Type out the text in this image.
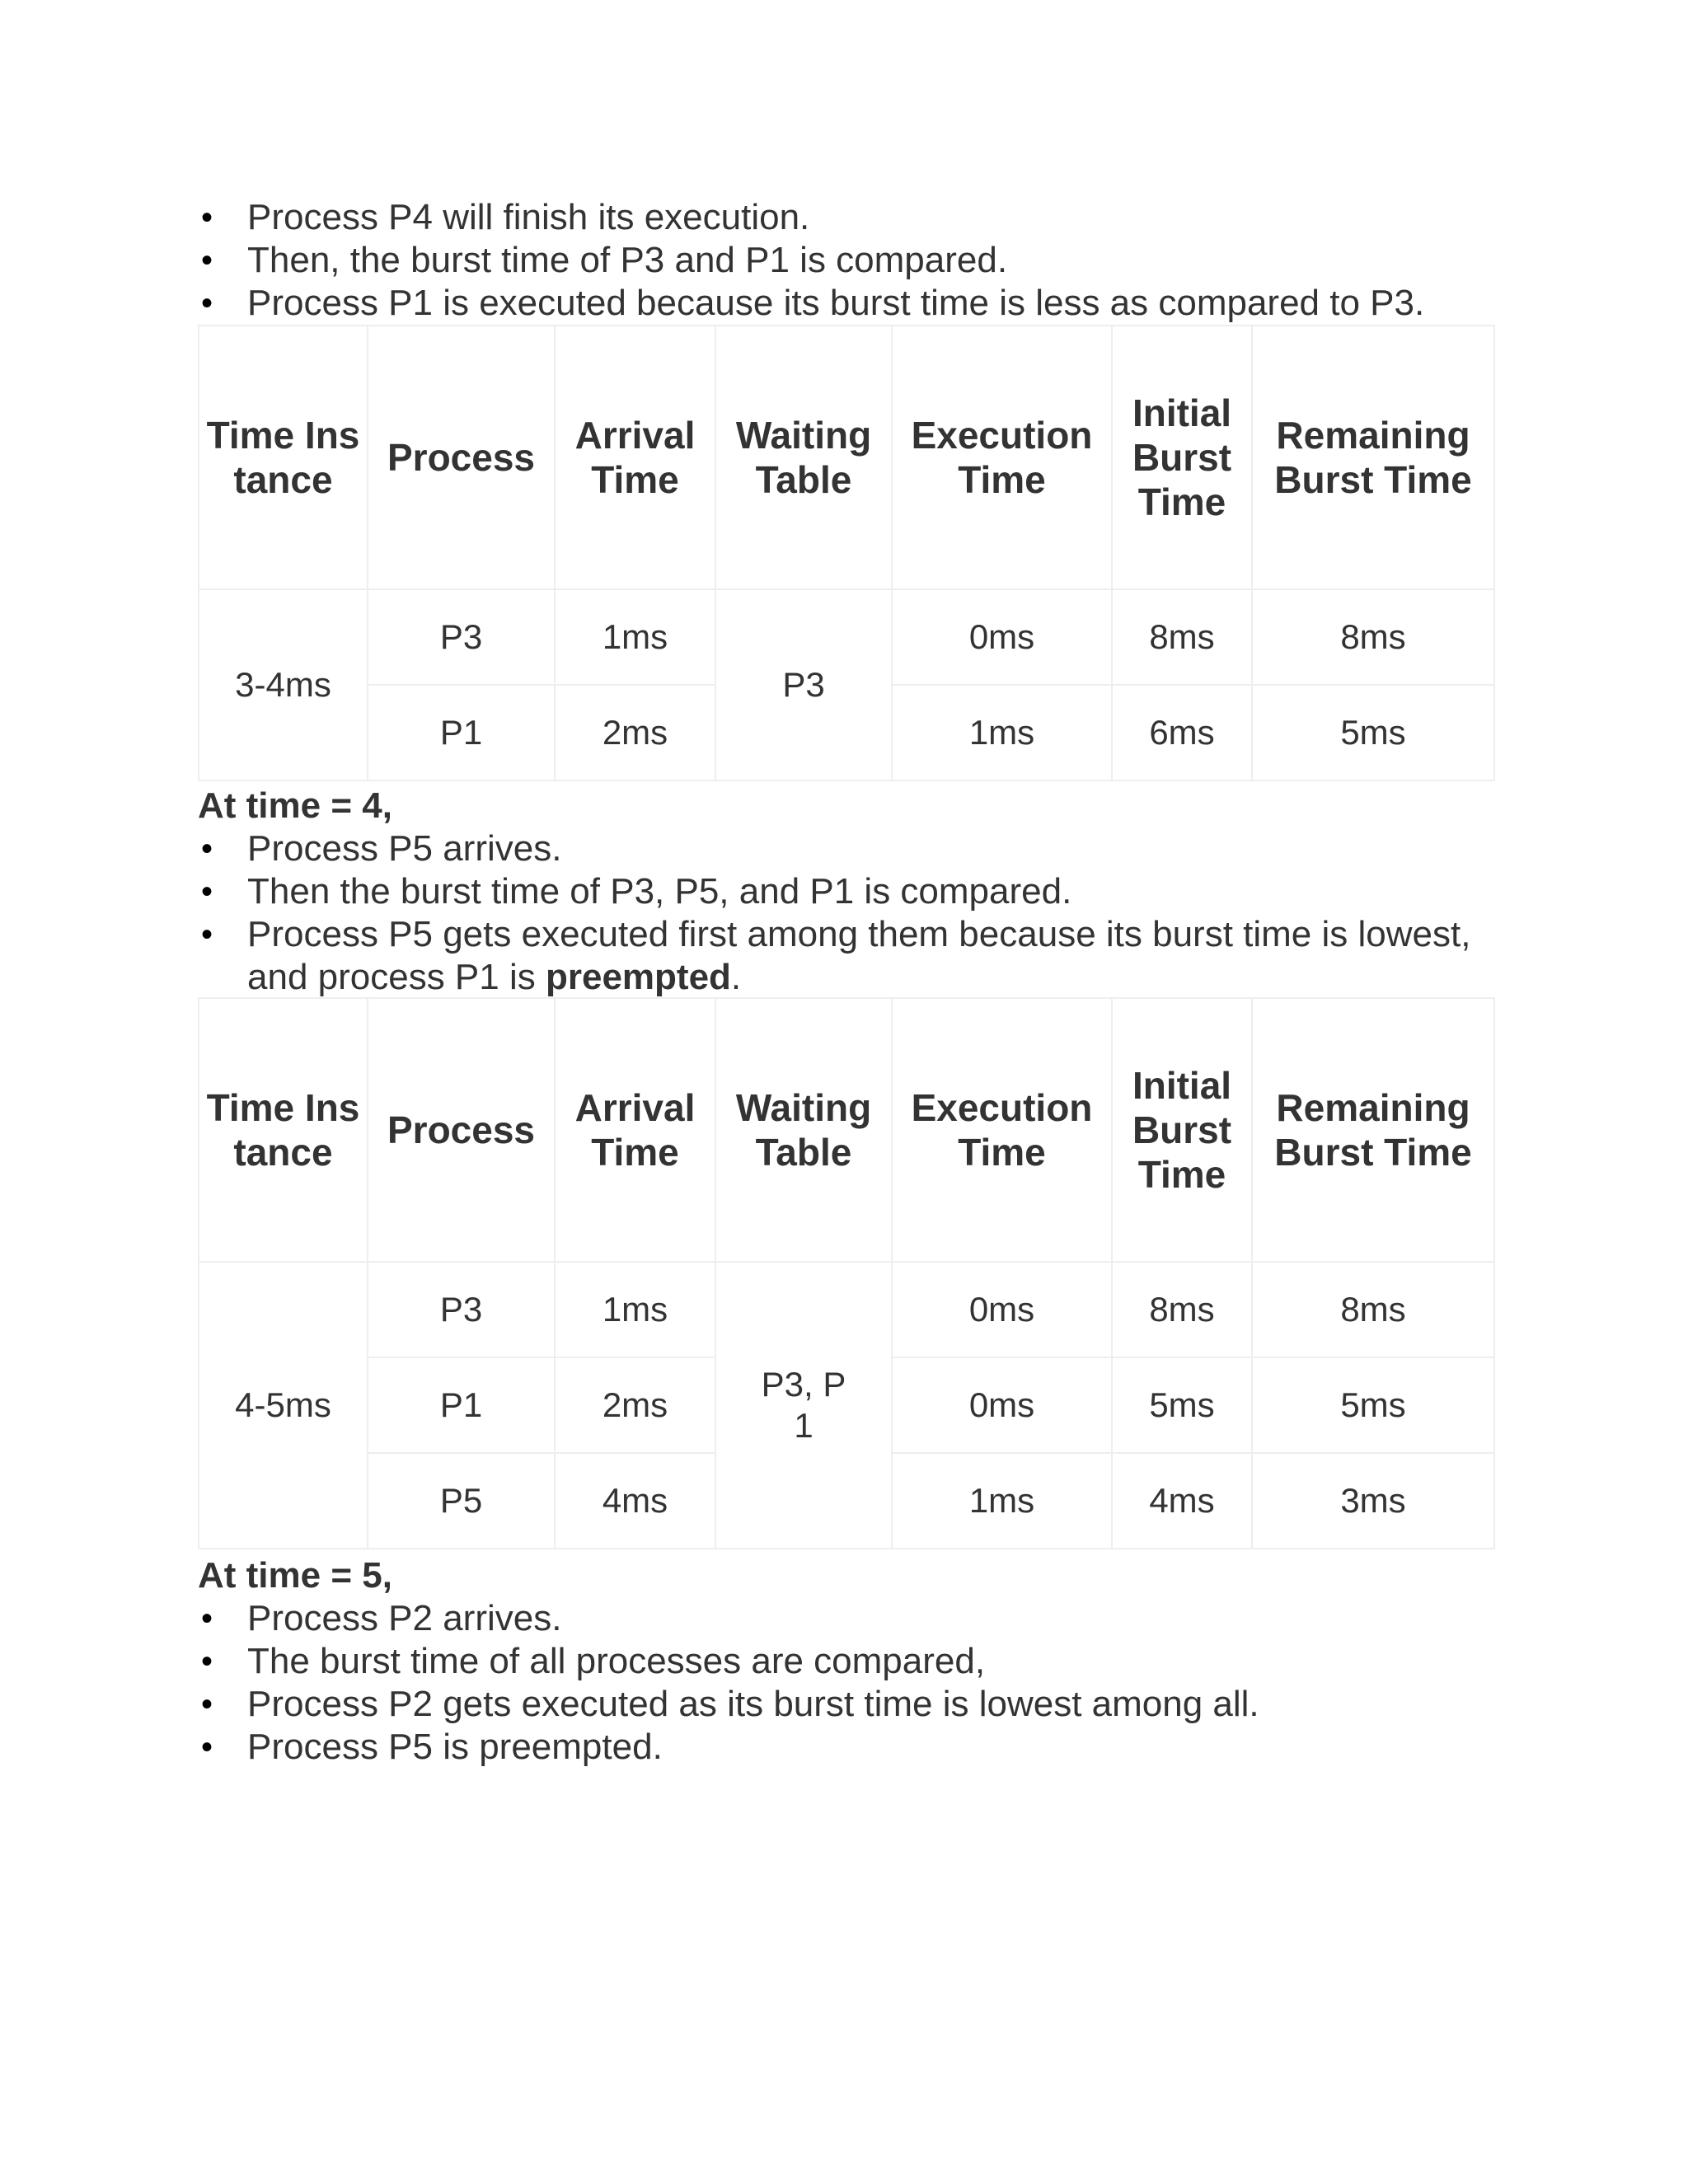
• Process P4 will finish its execution.
• Then, the burst time of P3 and P1 is compared.
• Process P1 is executed because its burst time is less as compared to P3.
Time Instance	Process	Arrival Time	Waiting Table	Execution Time	Initial Burst Time	Remaining Burst Time
3-4ms	P3	1ms	P3	0ms	8ms	8ms
	P1	2ms		1ms	6ms	5ms
At time = 4,
• Process P5 arrives.
• Then the burst time of P3, P5, and P1 is compared.
• Process P5 gets executed first among them because its burst time is lowest, and process P1 is preempted.
Time Instance	Process	Arrival Time	Waiting Table	Execution Time	Initial Burst Time	Remaining Burst Time
4-5ms	P3	1ms	P3, P1	0ms	8ms	8ms
	P1	2ms		0ms	5ms	5ms
	P5	4ms		1ms	4ms	3ms
At time = 5,
• Process P2 arrives.
• The burst time of all processes are compared,
• Process P2 gets executed as its burst time is lowest among all.
• Process P5 is preempted.
